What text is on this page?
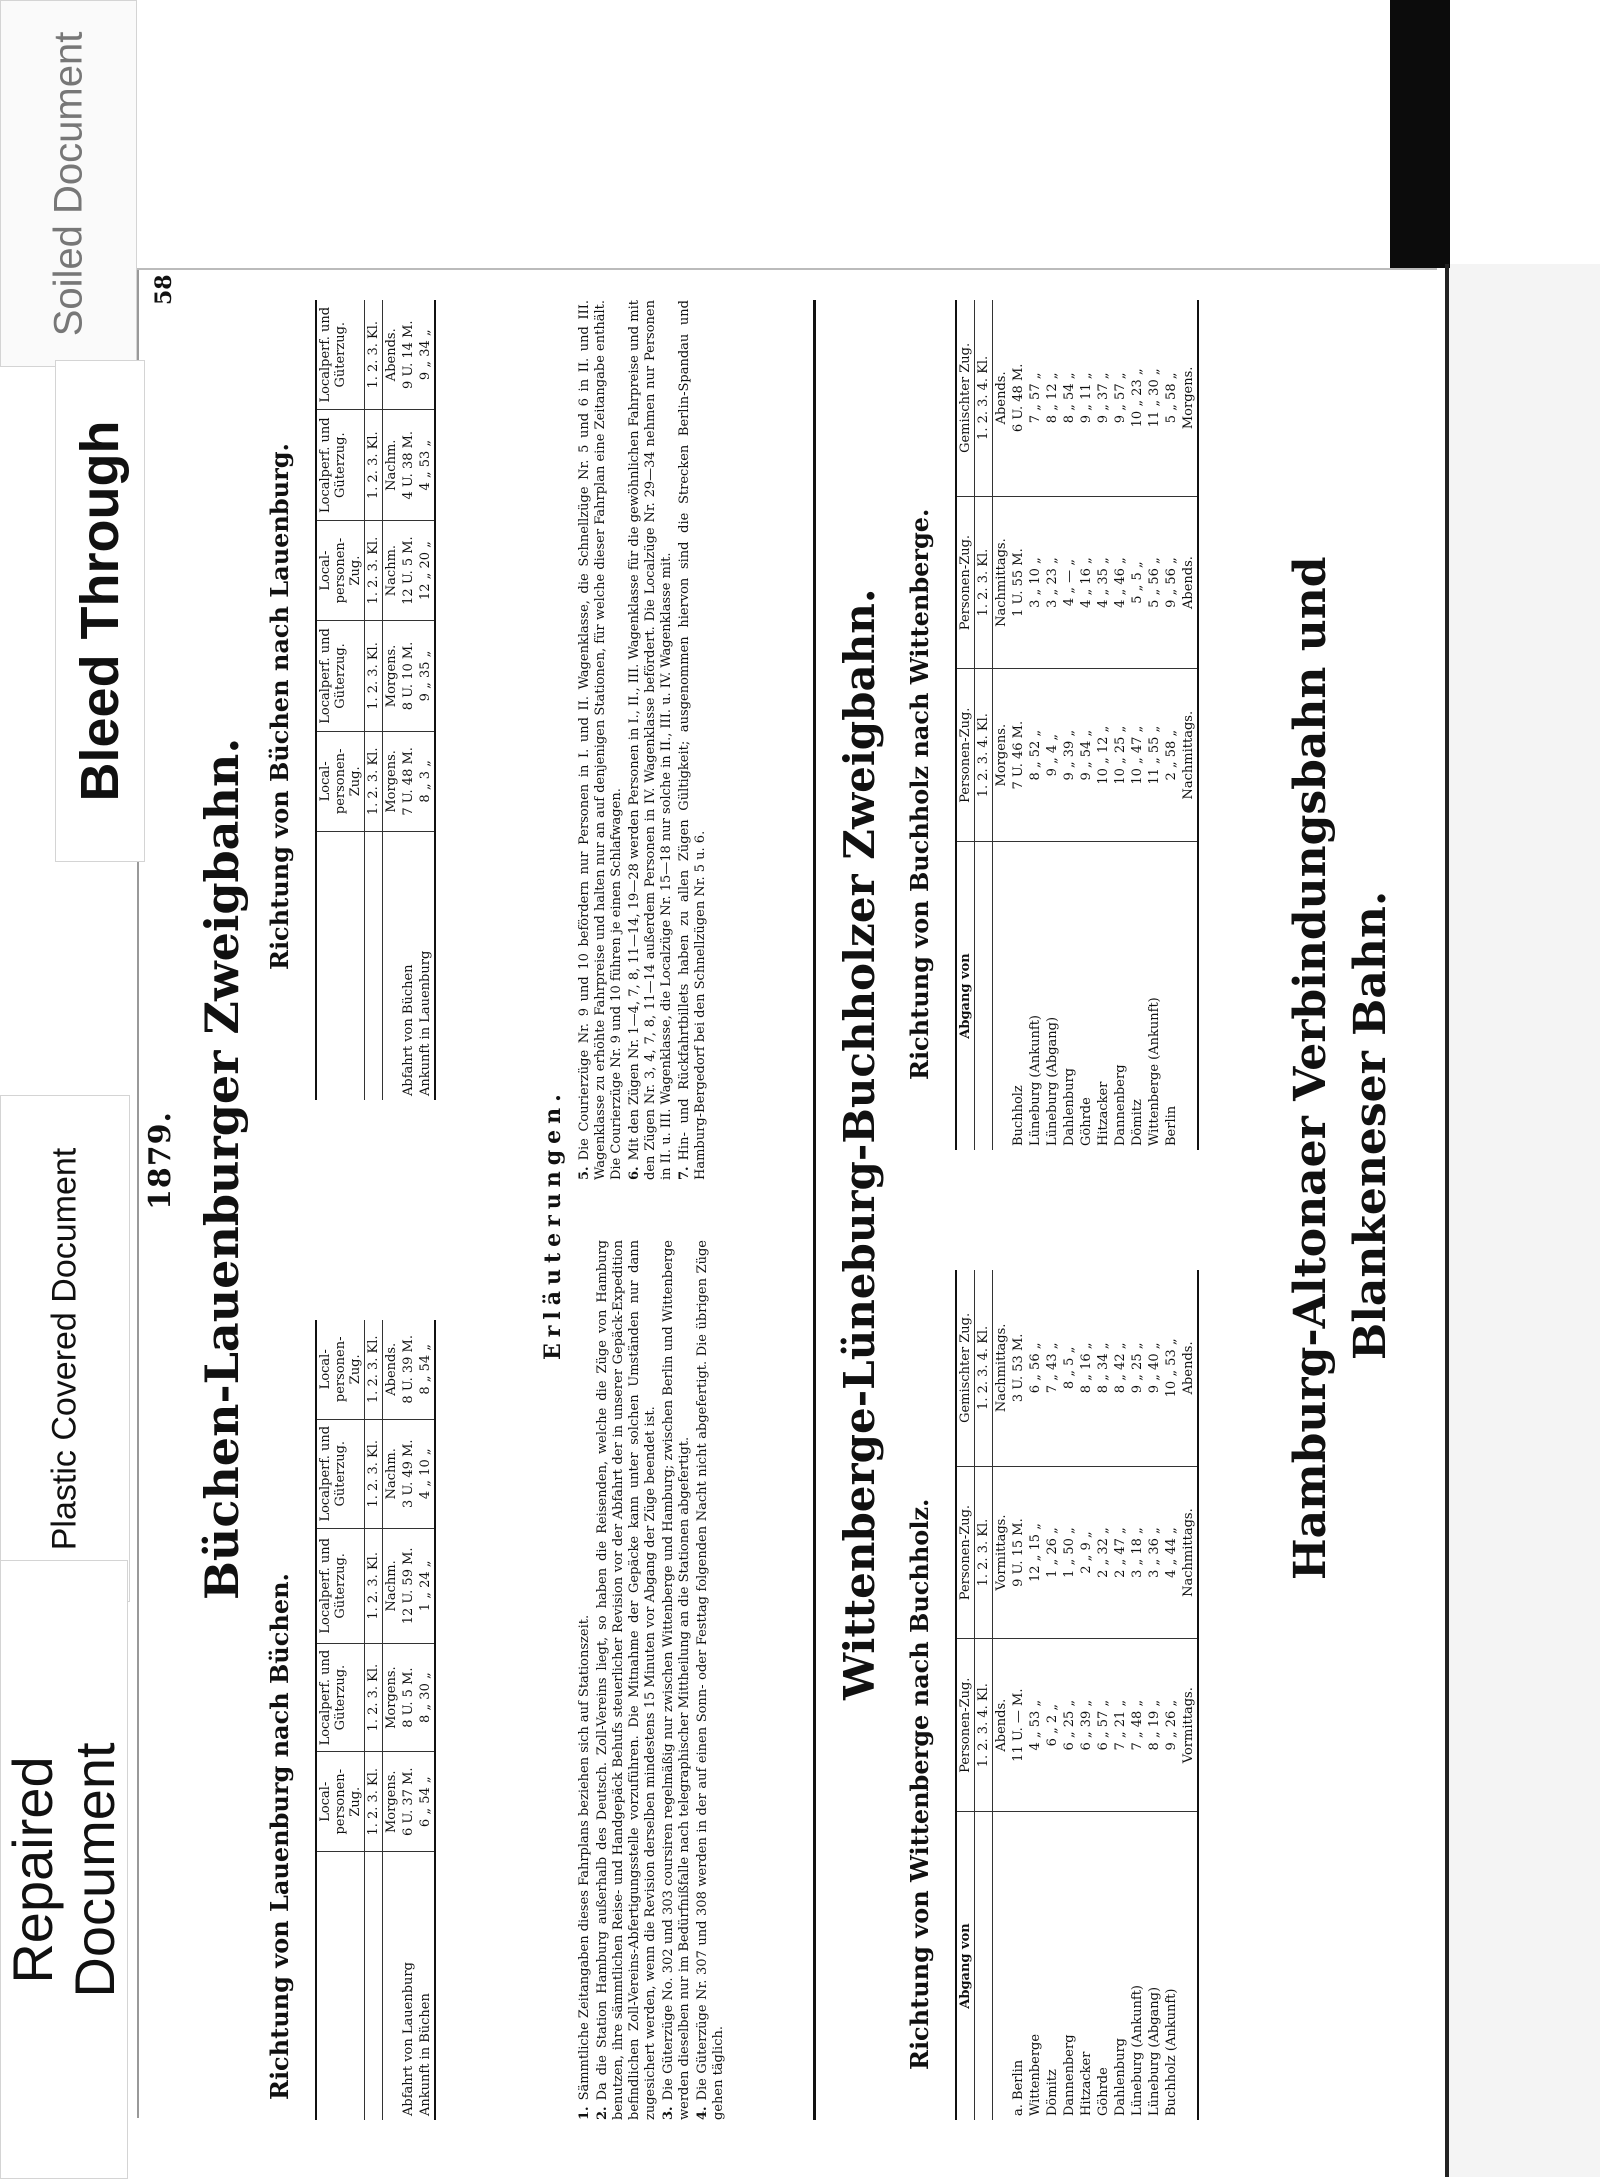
58
1879. Büchen-Lauenburger Zweigbahn.
Richtung von Lauenburg nach Büchen.
Richtung von Büchen nach Lauenburg.
	Local-personen-Zug.	Localperf. und Güterzug.	Localperf. und Güterzug.	Localperf. und Güterzug.	Local-personen-Zug.
	1. 2. 3. Kl.	1. 2. 3. Kl.	1. 2. 3. Kl.	1. 2. 3. Kl.	1. 2. 3. Kl.
	Morgens.	Morgens.	Nachm.	Nachm.	Abends.
Abfahrt von Lauenburg	6 U. 37 M.	8 U. 5 M.	12 U. 59 M.	3 U. 49 M.	8 U. 39 M.
Ankunft in Büchen	6 „ 54 „	8 „ 30 „	1 „ 24 „	4 „ 10 „	8 „ 54 „
	Local-personen-Zug.	Localperf. und Güterzug.	Local-personen-Zug.	Localperf. und Güterzug.	Localperf. und Güterzug.
	1. 2. 3. Kl.	1. 2. 3. Kl.	1. 2. 3. Kl.	1. 2. 3. Kl.	1. 2. 3. Kl.
	Morgens.	Morgens.	Nachm.	Nachm.	Abends.
Abfahrt von Büchen	7 U. 48 M.	8 U. 10 M.	12 U. 5 M.	4 U. 38 M.	9 U. 14 M.
Ankunft in Lauenburg	8 „ 3 „	9 „ 35 „	12 „ 20 „	4 „ 53 „	9 „ 34 „
Erläuterungen.
1.Sämmtliche Zeitangaben dieses Fahrplans beziehen sich auf Stationszeit.
2.Da die Station Hamburg außerhalb des Deutsch. Zoll-Vereins liegt, so haben die Reisenden, welche die Züge von Hamburg benutzen, ihre sämmtlichen Reise- und Handgepäck Behufs steuerlicher Revision vor der Abfahrt der in unserer Gepäck-Expedition befindlichen Zoll-Vereins-Abfertigungsstelle vorzuführen. Die Mitnahme der Gepäcke kann unter solchen Umständen nur dann zugesichert werden, wenn die Revision derselben mindestens 15 Minuten vor Abgang der Züge beendet ist. 3.Die Güterzüge No. 302 und 303 coursiren regelmäßig nur zwischen Wittenberge und Hamburg; zwischen Berlin und Wittenberge werden dieselben nur im Bedürfnißfalle nach telegraphischer Mittheilung an die Stationen abgefertigt. 4.Die Güterzüge Nr. 307 und 308 werden in der auf einen Sonn- oder Festtag folgenden Nacht nicht abgefertigt. Die übrigen Züge gehen täglich.
5.Die Courierzüge Nr. 9 und 10 befördern nur Personen in I. und II. Wagenklasse, die Schnellzüge Nr. 5 und 6 in II. und III. Wagenklasse zu erhöhte Fahrpreise und halten nur an auf denjenigen Stationen, für welche dieser Fahrplan eine Zeitangabe enthält. Die Courierzüge Nr. 9 und 10 führen je einen Schlafwagen. 6.Mit den Zügen Nr. 1—4, 7, 8, 11—14, 19—28 werden Personen in I., II., III. Wagenklasse für die gewöhnlichen Fahrpreise und mit den Zügen Nr. 3, 4, 7, 8, 11—14 außerdem Personen in IV. Wagenklasse befördert. Die Localzüge Nr. 29—34 nehmen nur Personen in II. u. III. Wagenklasse, die Localzüge Nr. 15—18 nur solche in II., III. u. IV. Wagenklasse mit. 7.Hin- und Rückfahrtbillets haben zu allen Zügen Gültigkeit; ausgenommen hiervon sind die Strecken Berlin-Spandau und Hamburg-Bergedorf bei den Schnellzügen Nr. 5 u. 6.	Wittenberge-Lüneburg-Buchholzer Zweigbahn.
Richtung von Wittenberge nach Buchholz.
Richtung von Buchholz nach Wittenberge.
Abgang von	Personen-Zug.	Personen-Zug.	Gemischter Zug.
	1. 2. 3. 4. Kl.	1. 2. 3. Kl.	1. 2. 3. 4. Kl.
	Abends.	Vormittags.	Nachmittags.
a. Berlin	11 U. — M.	9 U. 15 M.	3 U. 53 M.
Wittenberge	4 „ 53 „	12 „ 15 „	6 „ 56 „
Dömitz	6 „ 2 „	1 „ 26 „	7 „ 43 „
Dannenberg	6 „ 25 „	1 „ 50 „	8 „ 5 „
Hitzacker	6 „ 39 „	2 „ 9 „	8 „ 16 „
Göhrde	6 „ 57 „	2 „ 32 „	8 „ 34 „
Dahlenburg	7 „ 21 „	2 „ 47 „	8 „ 42 „
Lüneburg (Ankunft)	7 „ 48 „	3 „ 18 „	9 „ 25 „
Lüneburg (Abgang)	8 „ 19 „	3 „ 36 „	9 „ 40 „
Buchholz (Ankunft)	9 „ 26 „	4 „ 44 „	10 „ 53 „
	Vormittags.	Nachmittags.	Abends.
Abgang von	Personen-Zug.	Personen-Zug.	Gemischter Zug.
	1. 2. 3. 4. Kl.	1. 2. 3. Kl.	1. 2. 3. 4. Kl.
	Morgens.	Nachmittags.	Abends.
Buchholz	7 U. 46 M.	1 U. 55 M.	6 U. 48 M.
Lüneburg (Ankunft)	8 „ 52 „	3 „ 10 „	7 „ 57 „
Lüneburg (Abgang)	9 „ 4 „	3 „ 23 „	8 „ 12 „
Dahlenburg	9 „ 39 „	4 „ — „	8 „ 54 „
Göhrde	9 „ 54 „	4 „ 16 „	9 „ 11 „
Hitzacker	10 „ 12 „	4 „ 35 „	9 „ 37 „
Dannenberg	10 „ 25 „	4 „ 46 „	9 „ 57 „
Dömitz	10 „ 47 „	5 „ 5 „	10 „ 23 „
Wittenberge (Ankunft)	11 „ 55 „	5 „ 56 „	11 „ 30 „
Berlin	2 „ 58 „	9 „ 56 „	5 „ 58 „
	Nachmittags.	Abends.	Morgens.
Hamburg-Altonaer Verbindungsbahn und Blankeneser Bahn.
Soiled Document
Bleed Through
Plastic Covered Document
Repaired Document
